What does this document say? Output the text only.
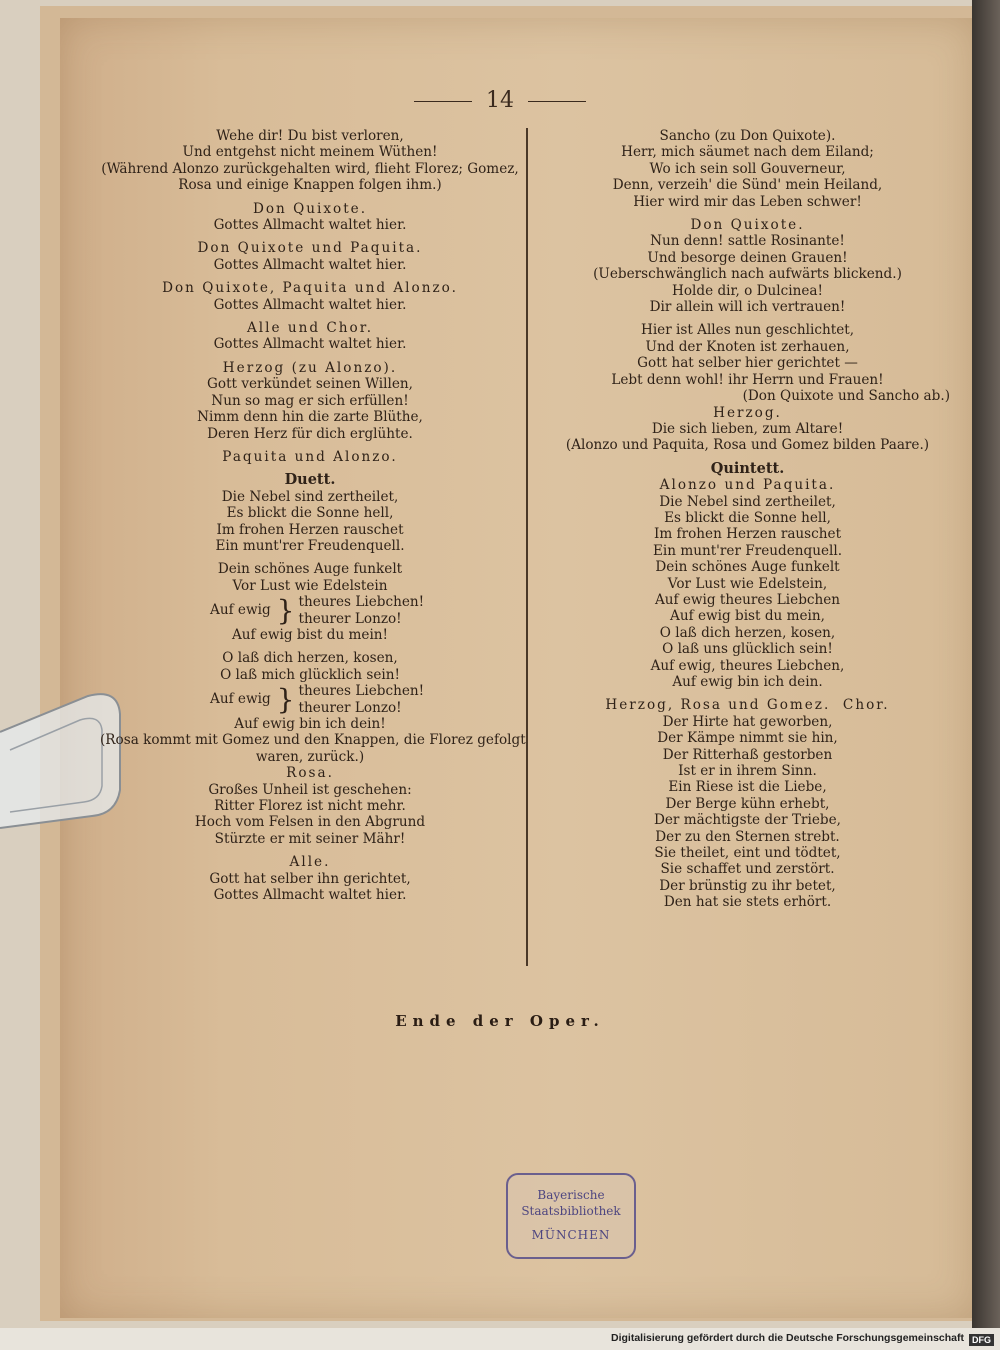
14

Wehe dir! Du bist verloren,

Und entgehst nicht meinem Wüthen!

(Während Alonzo zurückgehalten wird, flieht Florez; Gomez,

Rosa und einige Knappen folgen ihm.)

Don Quixote.

Gottes Allmacht waltet hier.

Don Quixote und Paquita.

Gottes Allmacht waltet hier.

Don Quixote, Paquita und Alonzo.

Gottes Allmacht waltet hier.

Alle und Chor.

Gottes Allmacht waltet hier.

Herzog (zu Alonzo).

Gott verkündet seinen Willen,

Nun so mag er sich erfüllen!

Nimm denn hin die zarte Blüthe,

Deren Herz für dich erglühte.

Paquita und Alonzo.

Duett.

Die Nebel sind zertheilet,

Es blickt die Sonne hell,

Im frohen Herzen rauschet

Ein munt'rer Freudenquell.

Dein schönes Auge funkelt

Vor Lust wie Edelstein

Auf ewig } theures Liebchen!

theurer Lonzo!

Auf ewig bist du mein!

O laß dich herzen, kosen,

O laß mich glücklich sein!

Auf ewig } theures Liebchen!

theurer Lonzo!

Auf ewig bin ich dein!

(Rosa kommt mit Gomez und den Knappen, die Florez gefolgt

waren, zurück.)

Rosa.

Großes Unheil ist geschehen:

Ritter Florez ist nicht mehr.

Hoch vom Felsen in den Abgrund

Stürzte er mit seiner Mähr!

Alle.

Gott hat selber ihn gerichtet,

Gottes Allmacht waltet hier.

Sancho (zu Don Quixote).

Herr, mich säumet nach dem Eiland;

Wo ich sein soll Gouverneur,

Denn, verzeih' die Sünd' mein Heiland,

Hier wird mir das Leben schwer!

Don Quixote.

Nun denn! sattle Rosinante!

Und besorge deinen Grauen!

(Ueberschwänglich nach aufwärts blickend.)

Holde dir, o Dulcinea!

Dir allein will ich vertrauen!

Hier ist Alles nun geschlichtet,

Und der Knoten ist zerhauen,

Gott hat selber hier gerichtet —

Lebt denn wohl! ihr Herrn und Frauen!

(Don Quixote und Sancho ab.)

Herzog.

Die sich lieben, zum Altare!

(Alonzo und Paquita, Rosa und Gomez bilden Paare.)

Quintett.

Alonzo und Paquita.

Die Nebel sind zertheilet,

Es blickt die Sonne hell,

Im frohen Herzen rauschet

Ein munt'rer Freudenquell.

Dein schönes Auge funkelt

Vor Lust wie Edelstein,

Auf ewig theures Liebchen

Auf ewig bist du mein,

O laß dich herzen, kosen,

O laß uns glücklich sein!

Auf ewig, theures Liebchen,

Auf ewig bin ich dein.

Herzog, Rosa und Gomez.  Chor.

Der Hirte hat geworben,

Der Kämpe nimmt sie hin,

Der Ritterhaß gestorben

Ist er in ihrem Sinn.

Ein Riese ist die Liebe,

Der Berge kühn erhebt,

Der mächtigste der Triebe,

Der zu den Sternen strebt.

Sie theilet, eint und tödtet,

Sie schaffet und zerstört.

Der brünstig zu ihr betet,

Den hat sie stets erhört.

Ende der Oper.
Bayerische
Staatsbibliothek
MÜNCHEN
Digitalisierung gefördert durch die Deutsche Forschungsgemeinschaft DFG
